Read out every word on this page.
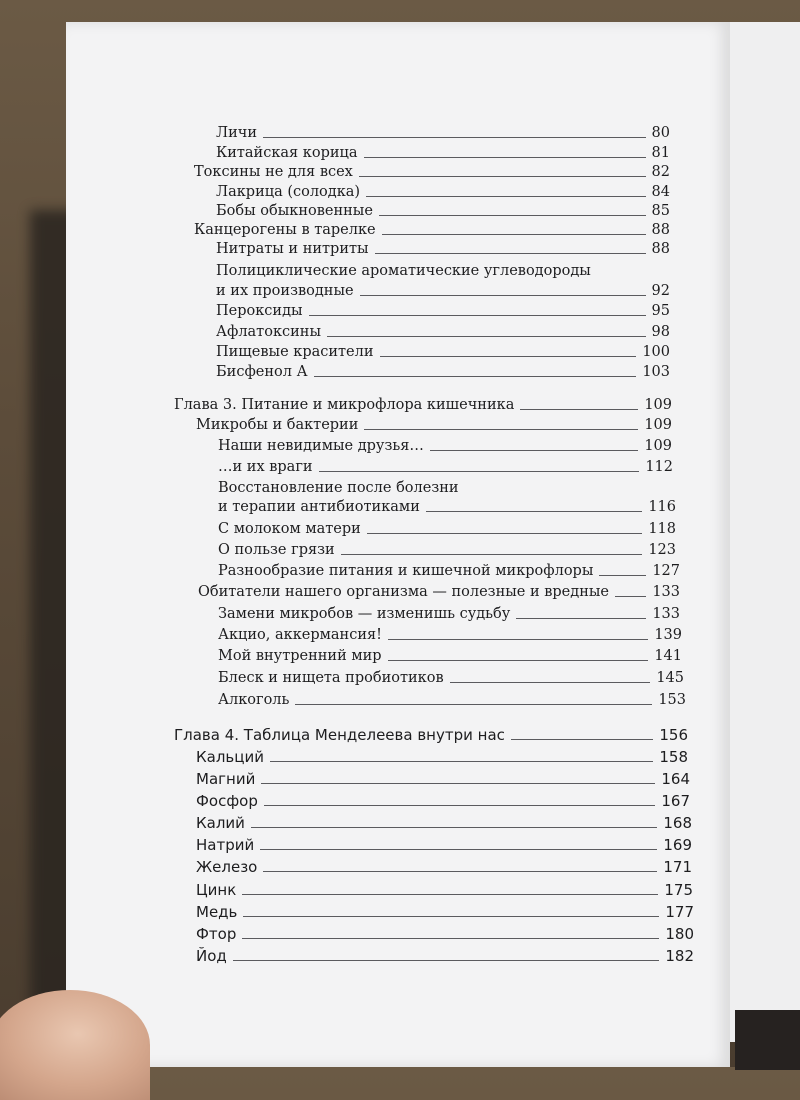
Личи	80
Китайская корица	81
Токсины не для всех	82
Лакрица (солодка)	84
Бобы обыкновенные	85
Канцерогены в тарелке	88
Нитраты и нитриты	88
Полициклические ароматические углеводороды
и их производные	92
Пероксиды	95
Афлатоксины	98
Пищевые красители	100
Бисфенол А	103
Глава 3. Питание и микрофлора кишечника	109
Микробы и бактерии	109
Наши невидимые друзья…	109
…и их враги	112
Восстановление после болезни
и терапии антибиотиками	116
С молоком матери	118
О пользе грязи	123
Разнообразие питания и кишечной микрофлоры	127
Обитатели нашего организма — полезные и вредные	133
Замени микробов — изменишь судьбу	133
Акцио, аккермансия!	139
Мой внутренний мир	141
Блеск и нищета пробиотиков	145
Алкоголь	153
Глава 4. Таблица Менделеева внутри нас	156
Кальций	158
Магний	164
Фосфор	167
Калий	168
Натрий	169
Железо	171
Цинк	175
Медь	177
Фтор	180
Йод	182
